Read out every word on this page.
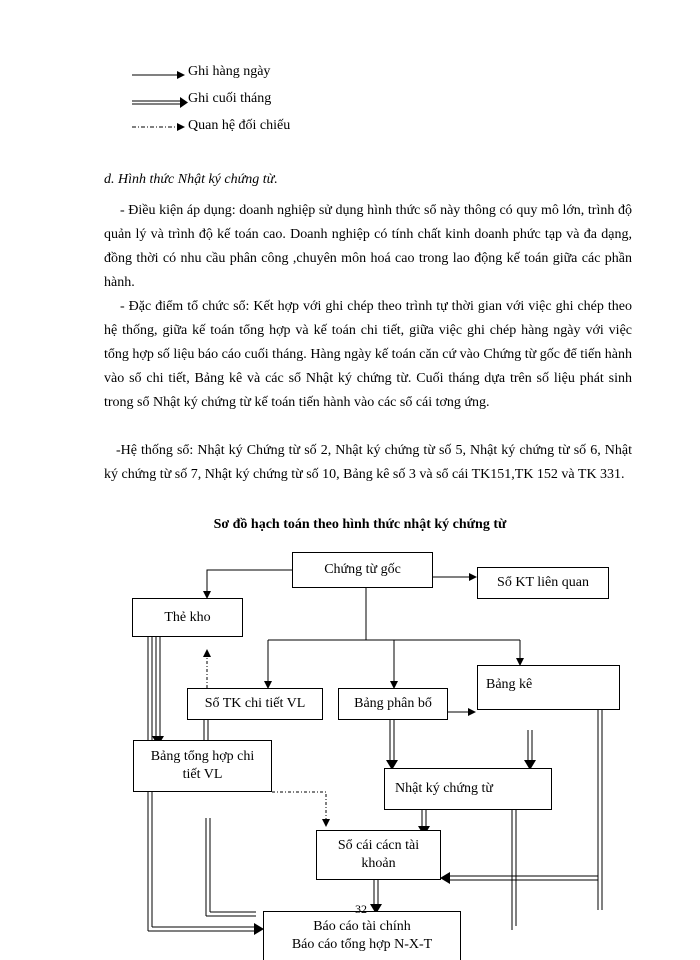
Ghi hàng ngày
Ghi cuối tháng
Quan hệ đối chiếu
d. Hình thức Nhật ký chứng từ.
- Điều kiện áp dụng: doanh nghiệp sử dụng hình thức sổ này thông có quy mô lớn, trình độ quản lý và trình độ kế toán cao. Doanh nghiệp có tính chất kinh doanh phức tạp và đa dạng, đồng thời có nhu cầu phân công ,chuyên môn hoá cao trong lao động kế toán giữa các phần hành.
- Đặc điểm tổ chức sổ: Kết hợp với ghi chép theo trình tự thời gian với việc ghi chép theo hệ thống, giữa kế toán tổng hợp và kế toán chi tiết, giữa việc ghi chép hàng ngày với việc tổng hợp số liệu báo cáo cuối tháng. Hàng ngày kế toán căn cứ vào Chứng từ gốc để tiến hành vào sổ chi tiết, Bảng kê và các sổ Nhật ký chứng từ. Cuối tháng dựa trên số liệu phát sinh trong sổ Nhật ký chứng từ kế toán tiến hành vào các sổ cái tơng ứng.
-Hệ thống sổ: Nhật ký Chứng từ số 2, Nhật ký chứng từ số 5, Nhật ký chứng từ số 6, Nhật ký chứng từ số 7, Nhật ký chứng từ số 10, Bảng kê số 3 và sổ cái TK151,TK 152 và TK 331.
Sơ đồ hạch toán theo hình thức nhật ký chứng từ
Chứng từ gốc
Sổ KT liên quan
Thẻ kho
Sổ TK chi tiết VL	Bảng phân bổ
Bảng kê
Bảng tổng hợp chi
tiết VL
Nhật ký chứng từ
Sổ cái cácn tài
khoản
Báo cáo tài chính
Báo cáo tổng hợp N-X-T
32
